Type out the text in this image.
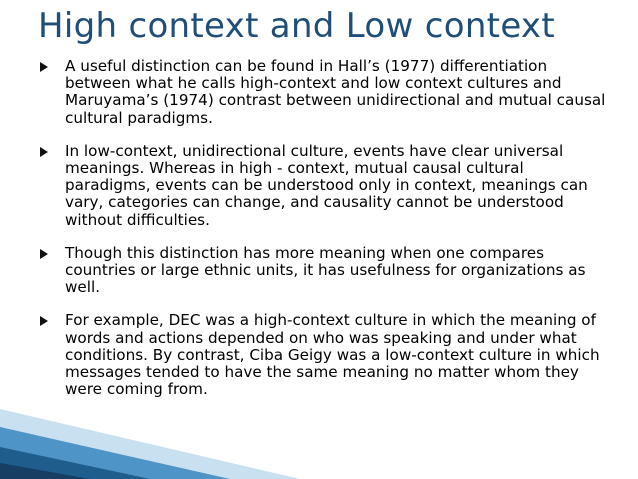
High context and Low context
A useful distinction can be found in Hall’s (1977) differentiation between what he calls high-context and low context cultures and Maruyama’s (1974) contrast between unidirectional and mutual causal cultural paradigms.
In low-context, unidirectional culture, events have clear universal meanings. Whereas in high - context, mutual causal cultural paradigms, events can be understood only in context, meanings can vary, categories can change, and causality cannot be understood without difficulties.
Though this distinction has more meaning when one compares countries or large ethnic units, it has usefulness for organizations as well.
For example, DEC was a high-context culture in which the meaning of words and actions depended on who was speaking and under what conditions. By contrast, Ciba Geigy was a low-context culture in which messages tended to have the same meaning no matter whom they were coming from.
